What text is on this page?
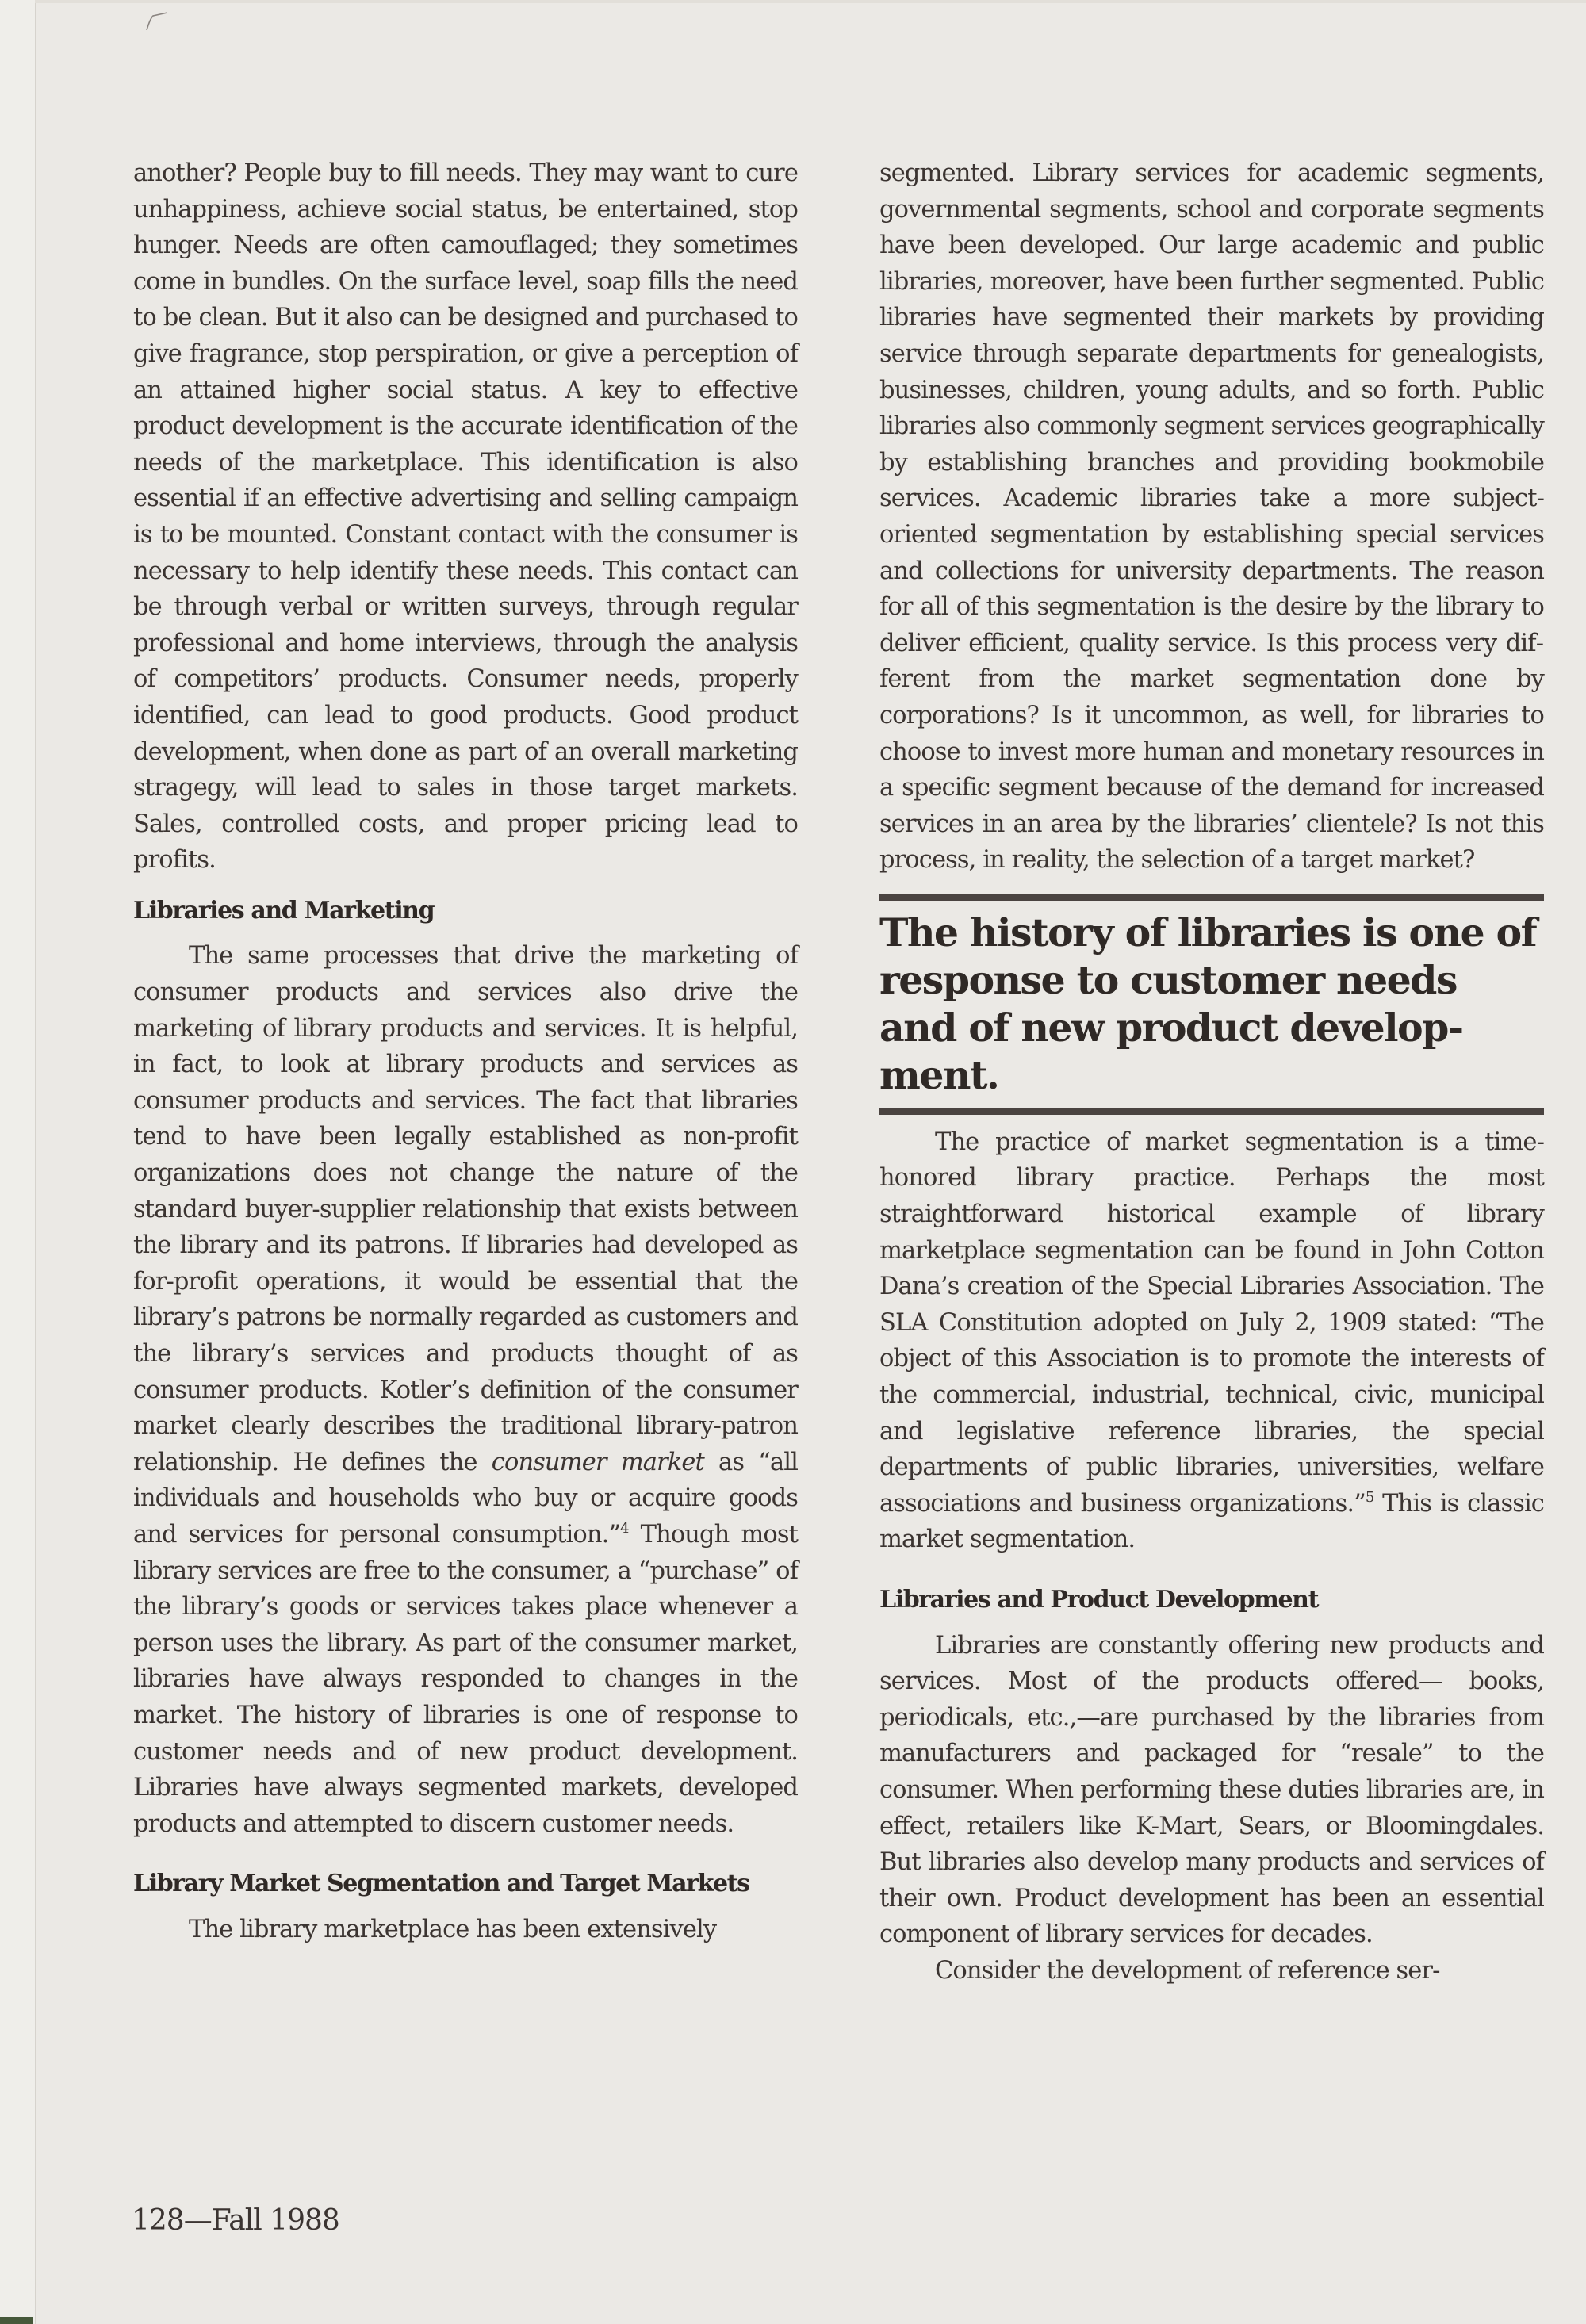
another? People buy to fill needs. They may want to cure unhappiness, achieve social status, be entertained, stop hunger. Needs are often camouflaged; they sometimes come in bundles. On the surface level, soap fills the need to be clean. But it also can be designed and purchased to give fragrance, stop perspiration, or give a perception of an attained higher social status. A key to effective product development is the accurate identification of the needs of the marketplace. This identification is also essential if an effective advertising and selling campaign is to be mounted. Constant contact with the consumer is necessary to help identify these needs. This contact can be through verbal or written surveys, through regular professional and home interviews, through the analysis of competitors’ products. Consumer needs, properly identified, can lead to good products. Good product development, when done as part of an overall marketing stragegy, will lead to sales in those target markets. Sales, controlled costs, and proper pricing lead to profits.

Libraries and Marketing

The same processes that drive the marketing of consumer products and services also drive the marketing of library products and services. It is helpful, in fact, to look at library products and services as consumer products and services. The fact that libraries tend to have been legally established as non-profit organizations does not change the nature of the standard buyer-supplier relationship that exists between the library and its patrons. If libraries had developed as for-profit operations, it would be essential that the library’s patrons be normally regarded as customers and the library’s services and products thought of as consumer products. Kotler’s definition of the consumer market clearly describes the traditional library-patron relationship. He defines the consumer market as “all individuals and households who buy or acquire goods and services for personal consumption.”$^4$ Though most library services are free to the consumer, a “purchase” of the library’s goods or services takes place whenever a person uses the library. As part of the consumer market, libraries have always responded to changes in the market. The history of libraries is one of response to customer needs and of new product development. Libraries have always segmented markets, developed products and attempted to discern customer needs.

Library Market Segmentation and Target Markets

The library marketplace has been extensively

segmented. Library services for academic segments, governmental segments, school and corporate segments have been developed. Our large academic and public libraries, moreover, have been further segmented. Public libraries have segmented their markets by providing service through separate departments for genealogists, businesses, children, young adults, and so forth. Public libraries also commonly segment services geographically by establishing branches and providing bookmobile services. Academic libraries take a more subject-oriented segmentation by establishing special services and collections for university departments. The reason for all of this segmentation is the desire by the library to deliver efficient, quality service. Is this process very different from the market segmentation done by corporations? Is it uncommon, as well, for libraries to choose to invest more human and monetary resources in a specific segment because of the demand for increased services in an area by the libraries’ clientele? Is not this process, in reality, the selection of a target market?

The history of libraries is one of response to customer needs and of new product development.

The practice of market segmentation is a time-honored library practice. Perhaps the most straightforward historical example of library marketplace segmentation can be found in John Cotton Dana’s creation of the Special Libraries Association. The SLA Constitution adopted on July 2, 1909 stated: “The object of this Association is to promote the interests of the commercial, industrial, technical, civic, municipal and legislative reference libraries, the special departments of public libraries, universities, welfare associations and business organizations.”$^5$ This is classic market segmentation.

Libraries and Product Development

Libraries are constantly offering new products and services. Most of the products offered— books, periodicals, etc.,—are purchased by the libraries from manufacturers and packaged for “resale” to the consumer. When performing these duties libraries are, in effect, retailers like K-Mart, Sears, or Bloomingdales. But libraries also develop many products and services of their own. Product development has been an essential component of library services for decades.

Consider the development of reference ser-

128—Fall 1988
